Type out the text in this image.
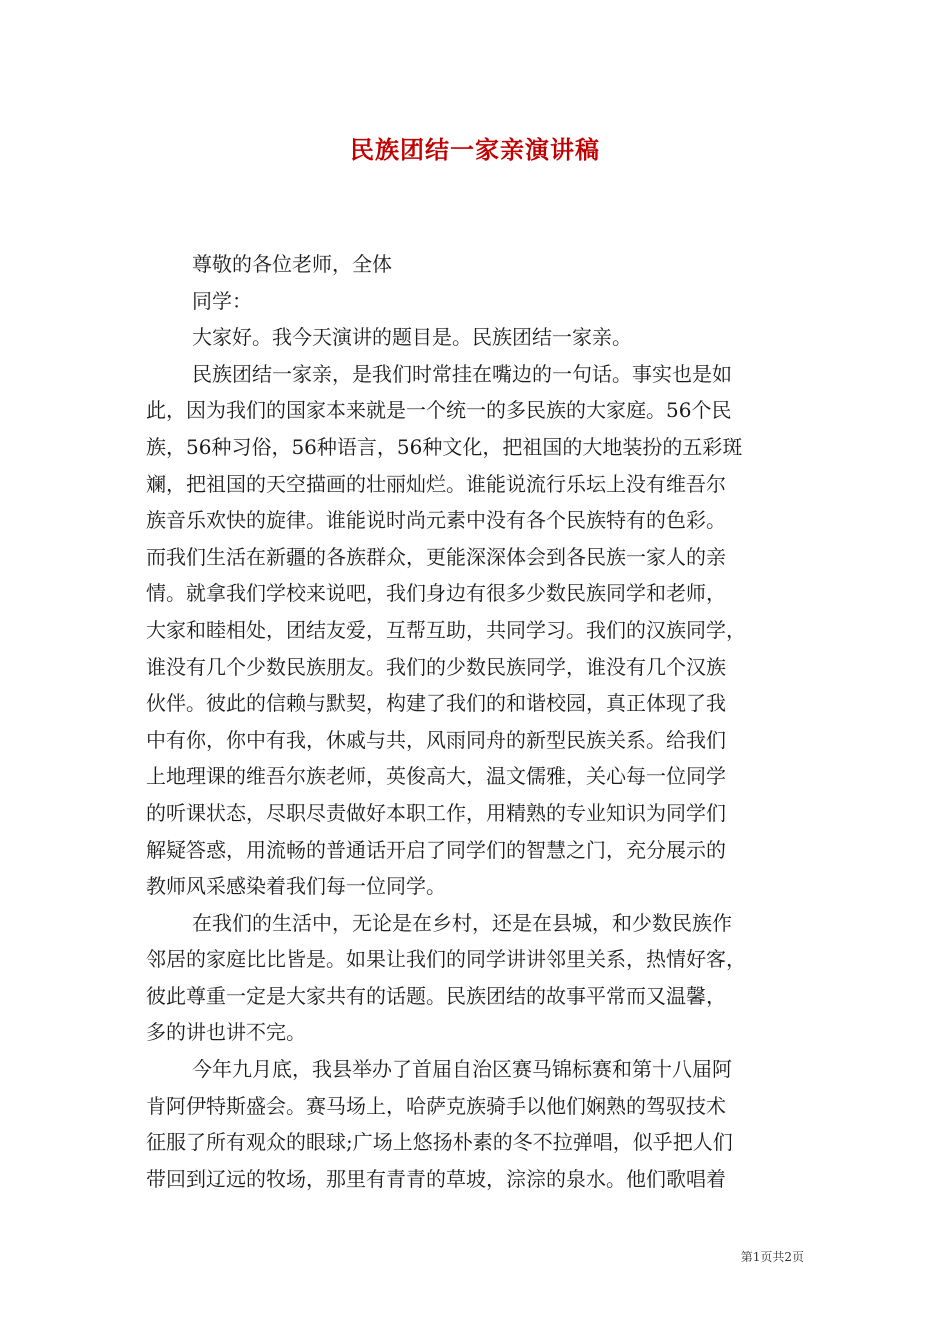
民族团结一家亲演讲稿
尊敬的各位老师，全体
同学：
大家好。我今天演讲的题目是。民族团结一家亲。
民族团结一家亲，是我们时常挂在嘴边的一句话。事实也是如
此，因为我们的国家本来就是一个统一的多民族的大家庭。56个民
族，56种习俗，56种语言，56种文化，把祖国的大地装扮的五彩斑
斓，把祖国的天空描画的壮丽灿烂。谁能说流行乐坛上没有维吾尔
族音乐欢快的旋律。谁能说时尚元素中没有各个民族特有的色彩。
而我们生活在新疆的各族群众，更能深深体会到各民族一家人的亲
情。就拿我们学校来说吧，我们身边有很多少数民族同学和老师，
大家和睦相处，团结友爱，互帮互助，共同学习。我们的汉族同学，
谁没有几个少数民族朋友。我们的少数民族同学，谁没有几个汉族
伙伴。彼此的信赖与默契，构建了我们的和谐校园，真正体现了我
中有你，你中有我，休戚与共，风雨同舟的新型民族关系。给我们
上地理课的维吾尔族老师，英俊高大，温文儒雅，关心每一位同学
的听课状态，尽职尽责做好本职工作，用精熟的专业知识为同学们
解疑答惑，用流畅的普通话开启了同学们的智慧之门，充分展示的
教师风采感染着我们每一位同学。
在我们的生活中，无论是在乡村，还是在县城，和少数民族作
邻居的家庭比比皆是。如果让我们的同学讲讲邻里关系，热情好客，
彼此尊重一定是大家共有的话题。民族团结的故事平常而又温馨，
多的讲也讲不完。
今年九月底，我县举办了首届自治区赛马锦标赛和第十八届阿
肯阿伊特斯盛会。赛马场上，哈萨克族骑手以他们娴熟的驾驭技术
征服了所有观众的眼球;广场上悠扬朴素的冬不拉弹唱，似乎把人们
带回到辽远的牧场，那里有青青的草坡，淙淙的泉水。他们歌唱着
第1页共2页
